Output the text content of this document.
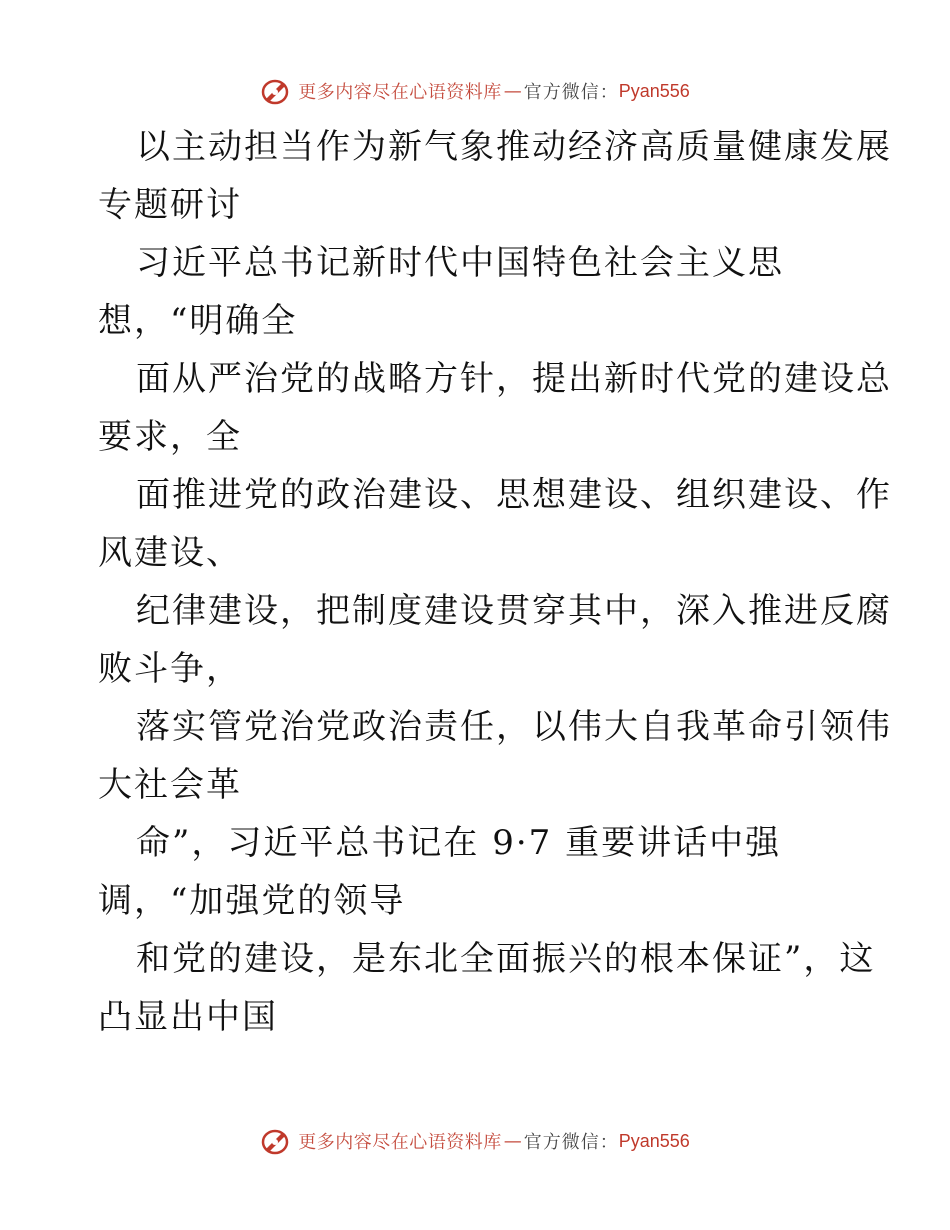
更多内容尽在心语资料库 — 官方微信： Pyan556
以主动担当作为新气象推动经济高质量健康发展
专题研讨
习近平总书记新时代中国特色社会主义思
想，“明确全
面从严治党的战略方针，提出新时代党的建设总
要求，全
面推进党的政治建设、思想建设、组织建设、作
风建设、
纪律建设，把制度建设贯穿其中，深入推进反腐
败斗争，
落实管党治党政治责任，以伟大自我革命引领伟
大社会革
命”，习近平总书记在 9·7 重要讲话中强
调，“加强党的领导
和党的建设，是东北全面振兴的根本保证”，这
凸显出中国
更多内容尽在心语资料库 — 官方微信： Pyan556
